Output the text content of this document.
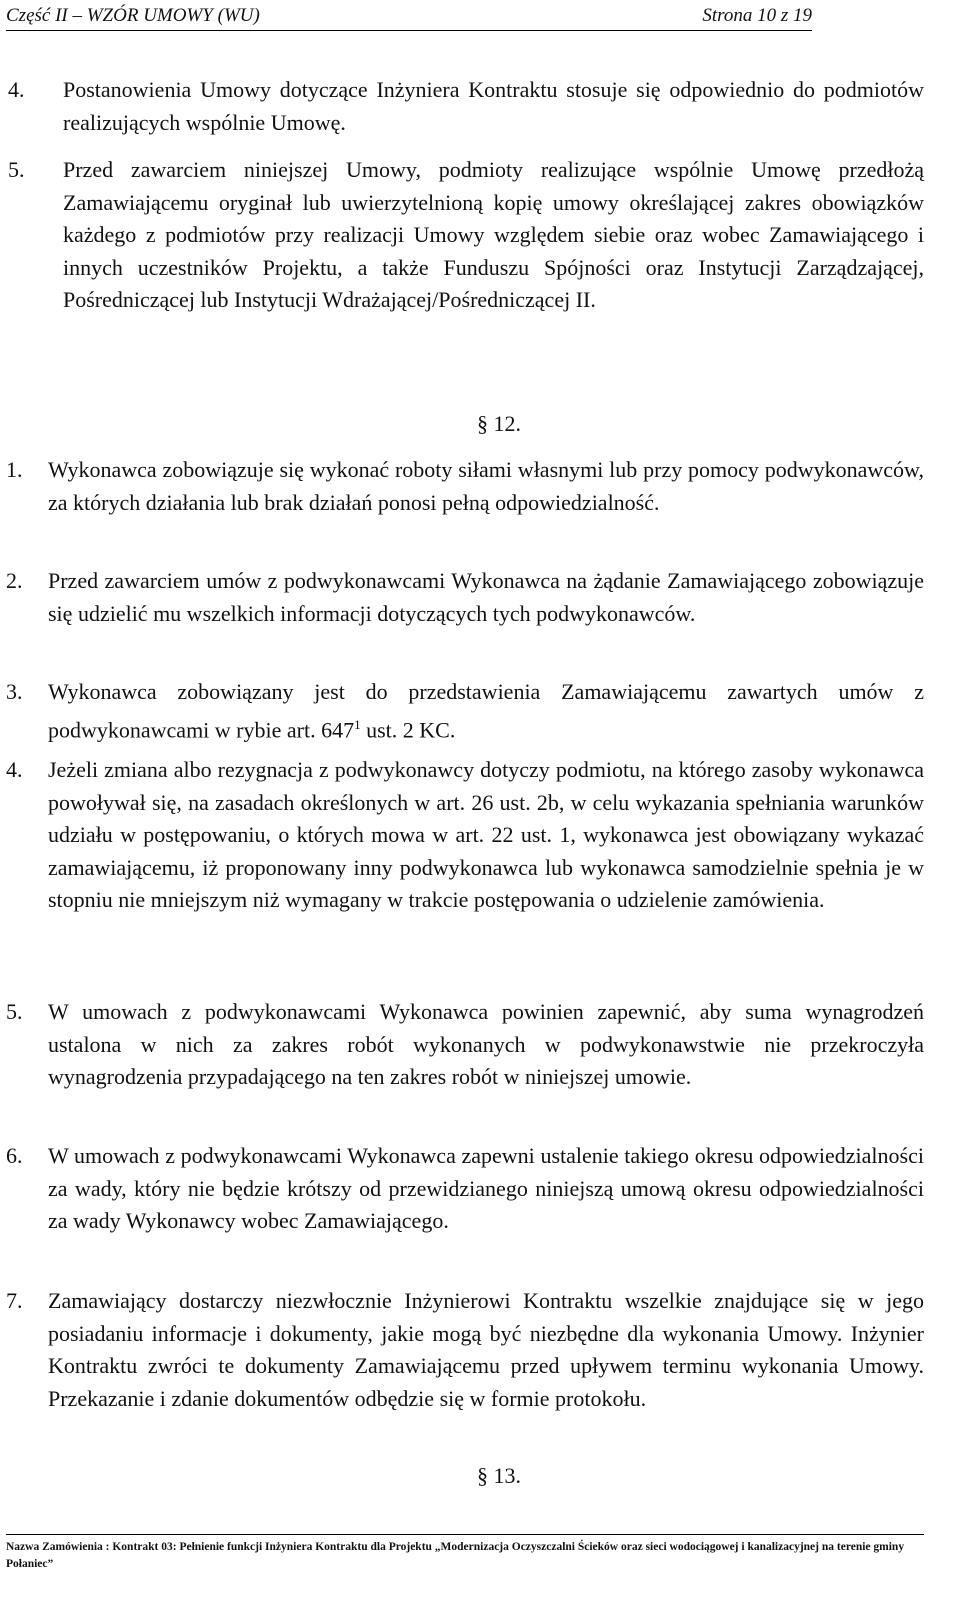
Część II – WZÓR UMOWY (WU)	Strona 10 z 19
4. Postanowienia Umowy dotyczące Inżyniera Kontraktu stosuje się odpowiednio do podmiotów realizujących wspólnie Umowę.
5. Przed zawarciem niniejszej Umowy, podmioty realizujące wspólnie Umowę przedłożą Zamawiającemu oryginał lub uwierzytelnioną kopię umowy określającej zakres obowiązków każdego z podmiotów przy realizacji Umowy względem siebie oraz wobec Zamawiającego i innych uczestników Projektu, a także Funduszu Spójności oraz Instytucji Zarządzającej, Pośredniczącej lub Instytucji Wdrażającej/Pośredniczącej II.
§ 12.
1. Wykonawca zobowiązuje się wykonać roboty siłami własnymi lub przy pomocy podwykonawców, za których działania lub brak działań ponosi pełną odpowiedzialność.
2. Przed zawarciem umów z podwykonawcami Wykonawca na żądanie Zamawiającego zobowiązuje się udzielić mu wszelkich informacji dotyczących tych podwykonawców.
3. Wykonawca zobowiązany jest do przedstawienia Zamawiającemu zawartych umów z podwykonawcami w rybie art. $647^1$ ust. 2 KC.
4. Jeżeli zmiana albo rezygnacja z podwykonawcy dotyczy podmiotu, na którego zasoby wykonawca powoływał się, na zasadach określonych w art. 26 ust. 2b, w celu wykazania spełniania warunków udziału w postępowaniu, o których mowa w art. 22 ust. 1, wykonawca jest obowiązany wykazać zamawiającemu, iż proponowany inny podwykonawca lub wykonawca samodzielnie spełnia je w stopniu nie mniejszym niż wymagany w trakcie postępowania o udzielenie zamówienia.
5. W umowach z podwykonawcami Wykonawca powinien zapewnić, aby suma wynagrodzeń ustalona w nich za zakres robót wykonanych w podwykonawstwie nie przekroczyła wynagrodzenia przypadającego na ten zakres robót w niniejszej umowie.
6. W umowach z podwykonawcami Wykonawca zapewni ustalenie takiego okresu odpowiedzialności za wady, który nie będzie krótszy od przewidzianego niniejszą umową okresu odpowiedzialności za wady Wykonawcy wobec Zamawiającego.
7. Zamawiający dostarczy niezwłocznie Inżynierowi Kontraktu wszelkie znajdujące się w jego posiadaniu informacje i dokumenty, jakie mogą być niezbędne dla wykonania Umowy. Inżynier Kontraktu zwróci te dokumenty Zamawiającemu przed upływem terminu wykonania Umowy. Przekazanie i zdanie dokumentów odbędzie się w formie protokołu.
§ 13.
Nazwa Zamówienia : Kontrakt 03: Pełnienie funkcji Inżyniera Kontraktu dla Projektu „Modernizacja Oczyszczalni Ścieków oraz sieci wodociągowej i kanalizacyjnej na terenie gminy Połaniec”
